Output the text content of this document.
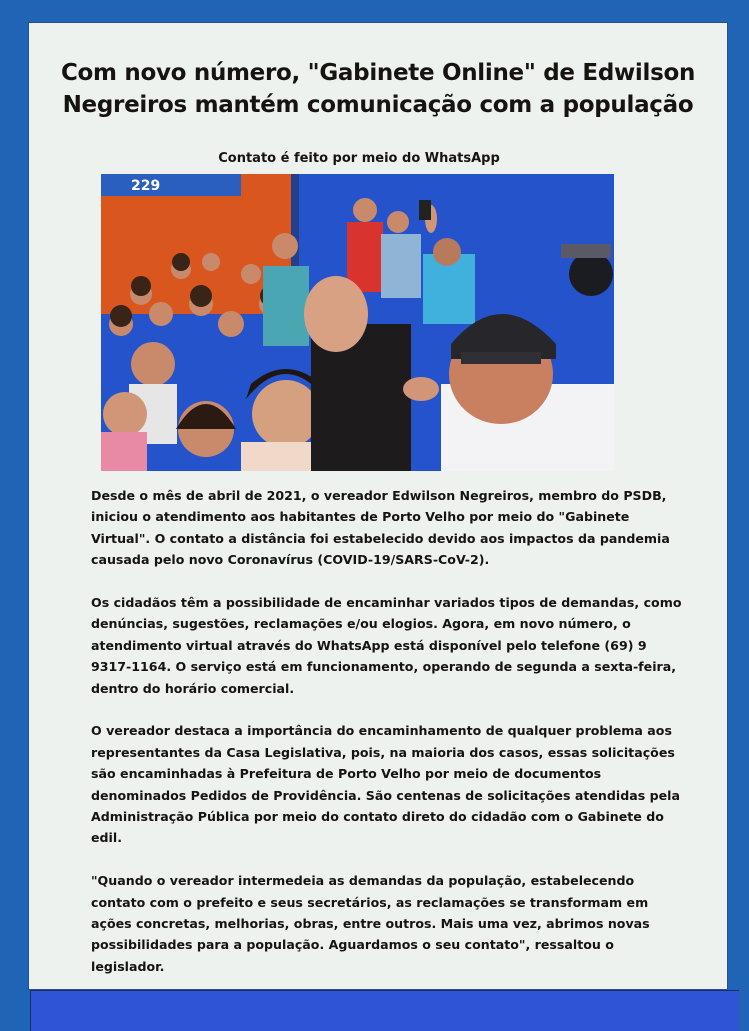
Com novo número, "Gabinete Online" de Edwilson Negreiros mantém comunicação com a população
Contato é feito por meio do WhatsApp
229

Desde o mês de abril de 2021, o vereador Edwilson Negreiros, membro do PSDB, iniciou o atendimento aos habitantes de Porto Velho por meio do "Gabinete Virtual". O contato a distância foi estabelecido devido aos impactos da pandemia causada pelo novo Coronavírus (COVID-19/SARS-CoV-2).

Os cidadãos têm a possibilidade de encaminhar variados tipos de demandas, como denúncias, sugestões, reclamações e/ou elogios. Agora, em novo número, o atendimento virtual através do WhatsApp está disponível pelo telefone (69) 9 9317-1164. O serviço está em funcionamento, operando de segunda a sexta-feira, dentro do horário comercial.

O vereador destaca a importância do encaminhamento de qualquer problema aos representantes da Casa Legislativa, pois, na maioria dos casos, essas solicitações são encaminhadas à Prefeitura de Porto Velho por meio de documentos denominados Pedidos de Providência. São centenas de solicitações atendidas pela Administração Pública por meio do contato direto do cidadão com o Gabinete do edil.

"Quando o vereador intermedeia as demandas da população, estabelecendo contato com o prefeito e seus secretários, as reclamações se transformam em ações concretas, melhorias, obras, entre outros. Mais uma vez, abrimos novas possibilidades para a população. Aguardamos o seu contato", ressaltou o legislador.
